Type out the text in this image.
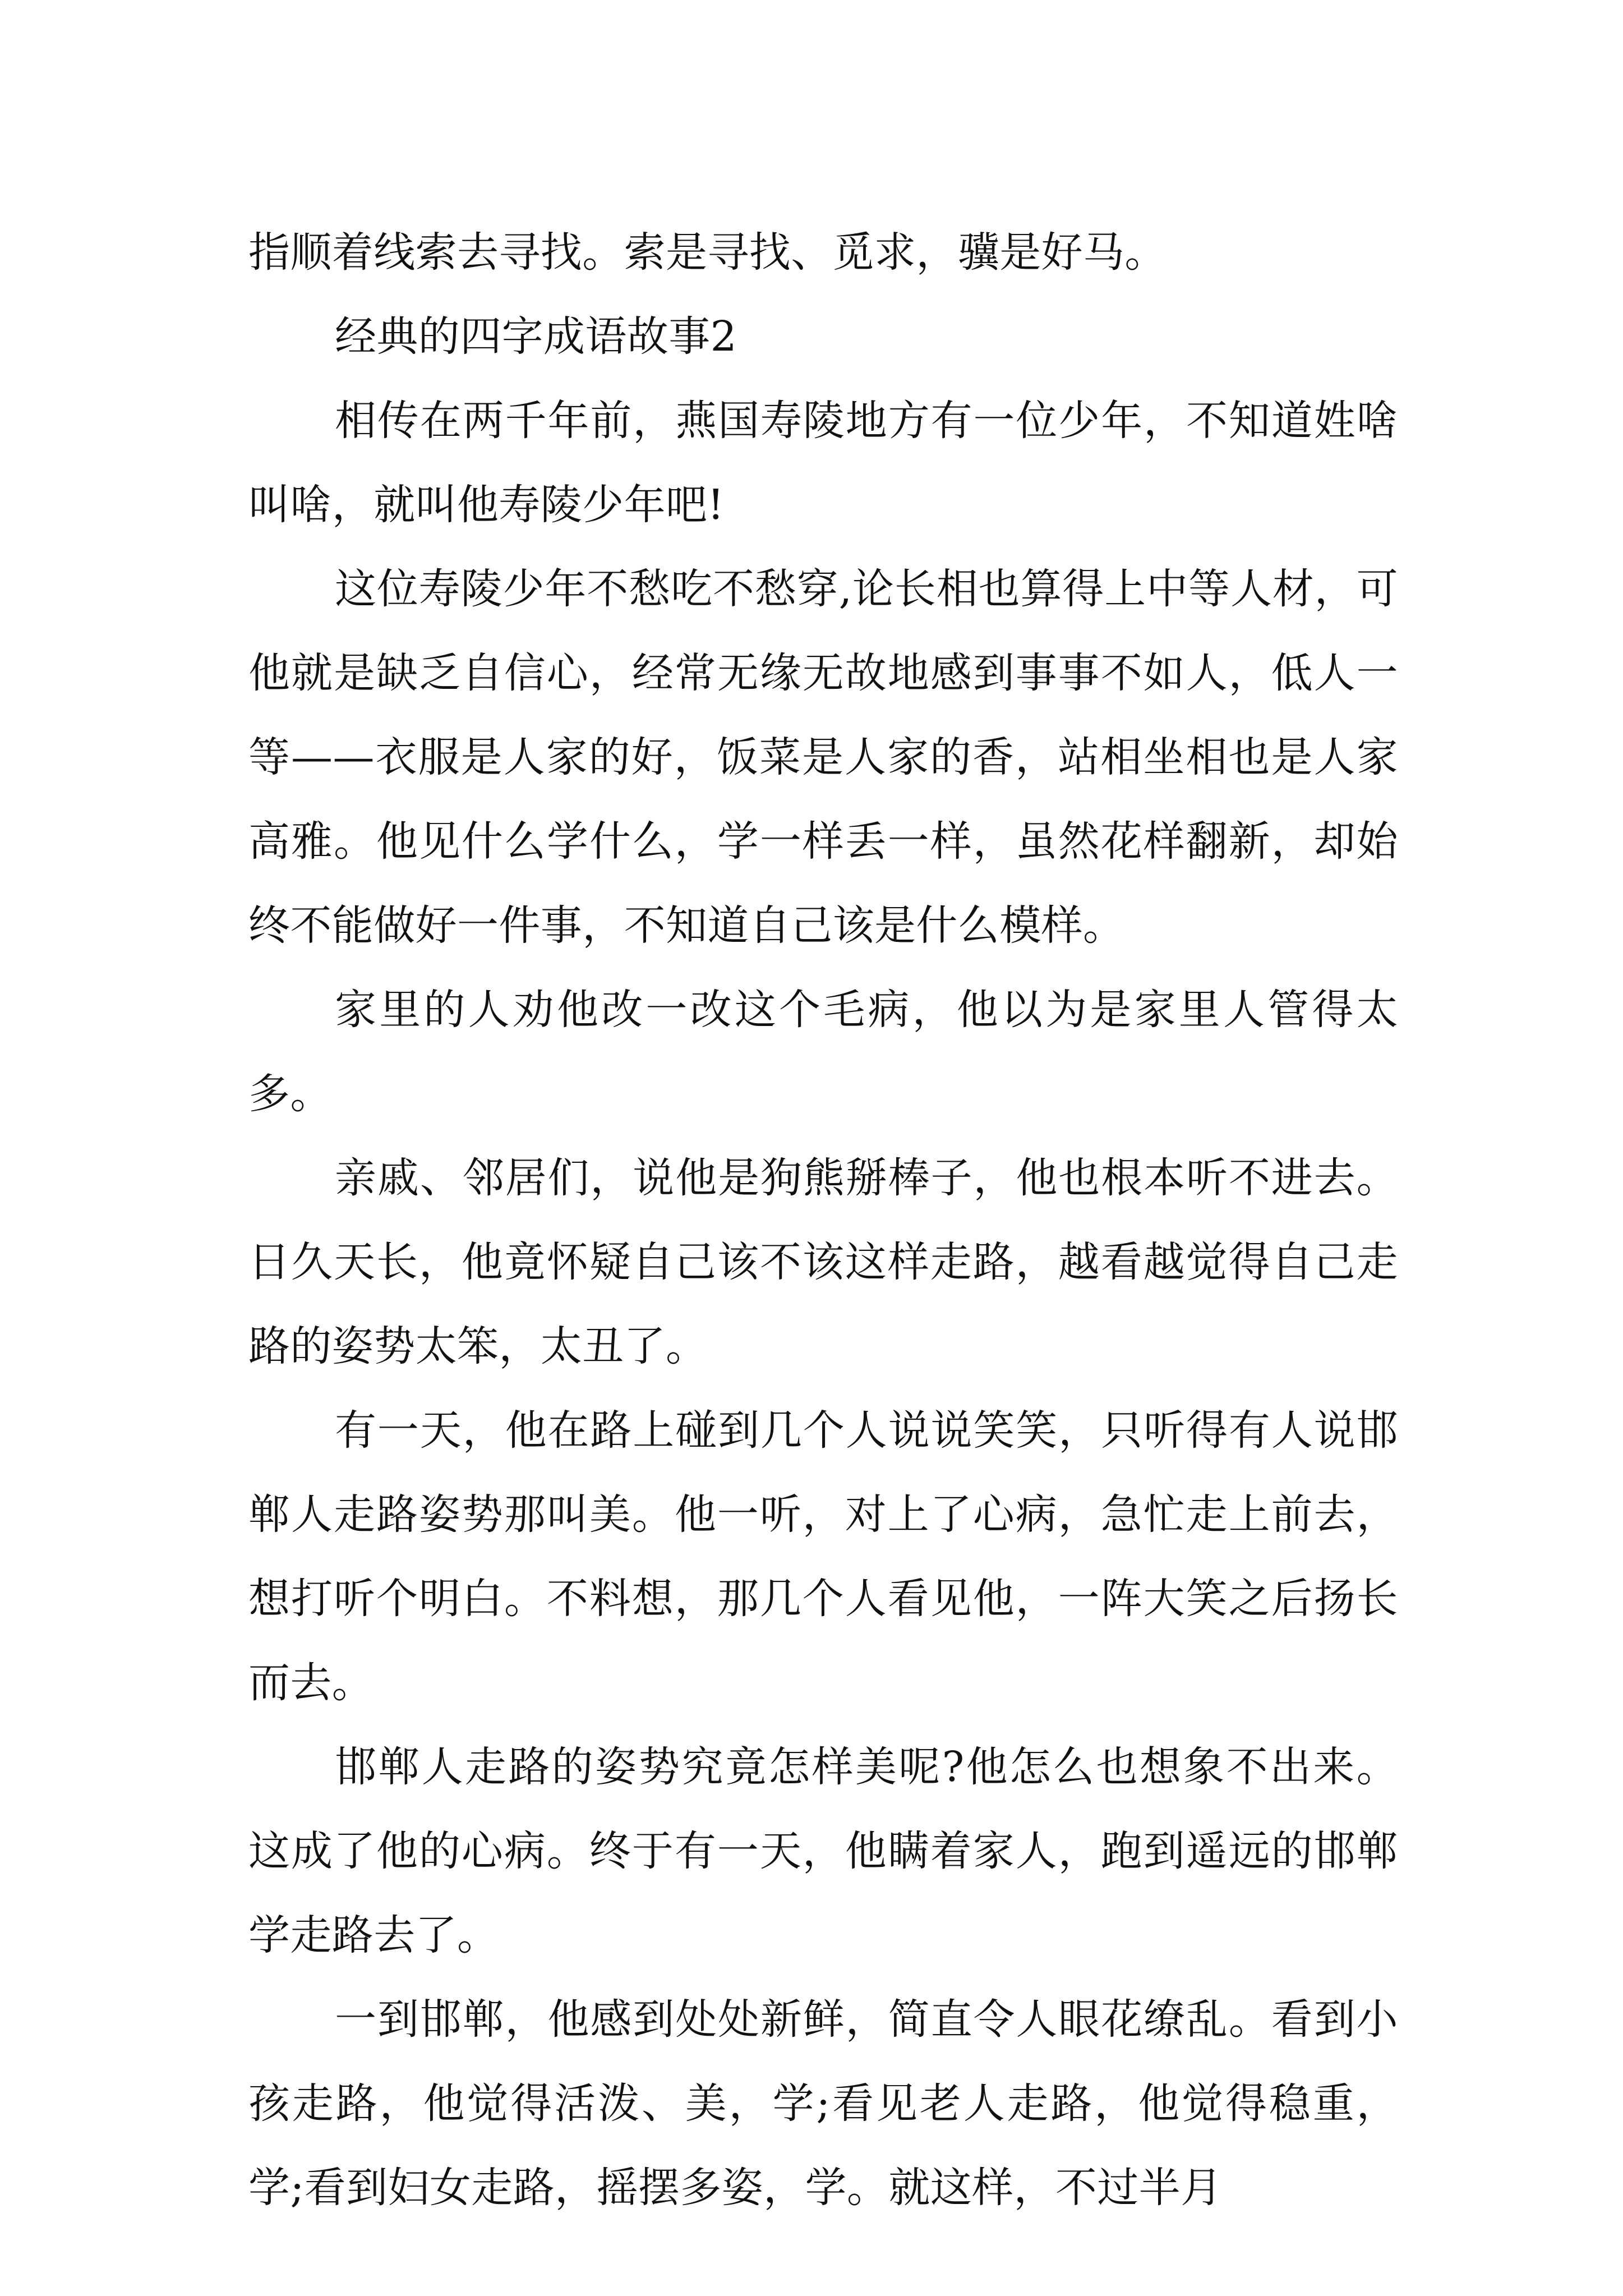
指顺着线索去寻找。索是寻找、觅求，骥是好马。

经典的四字成语故事2

相传在两千年前，燕国寿陵地方有一位少年，不知道姓啥叫啥，就叫他寿陵少年吧!

这位寿陵少年不愁吃不愁穿,论长相也算得上中等人材，可他就是缺乏自信心，经常无缘无故地感到事事不如人，低人一等——衣服是人家的好，饭菜是人家的香，站相坐相也是人家高雅。他见什么学什么，学一样丢一样，虽然花样翻新，却始终不能做好一件事，不知道自己该是什么模样。

家里的人劝他改一改这个毛病，他以为是家里人管得太多。

亲戚、邻居们，说他是狗熊掰棒子，他也根本听不进去。日久天长，他竟怀疑自己该不该这样走路，越看越觉得自己走路的姿势太笨，太丑了。

有一天，他在路上碰到几个人说说笑笑，只听得有人说邯郸人走路姿势那叫美。他一听，对上了心病，急忙走上前去，想打听个明白。不料想，那几个人看见他，一阵大笑之后扬长而去。

邯郸人走路的姿势究竟怎样美呢?他怎么也想象不出来。这成了他的心病。终于有一天，他瞒着家人，跑到遥远的邯郸学走路去了。

一到邯郸，他感到处处新鲜，简直令人眼花缭乱。看到小孩走路，他觉得活泼、美，学;看见老人走路，他觉得稳重，学;看到妇女走路，摇摆多姿，学。就这样，不过半月
